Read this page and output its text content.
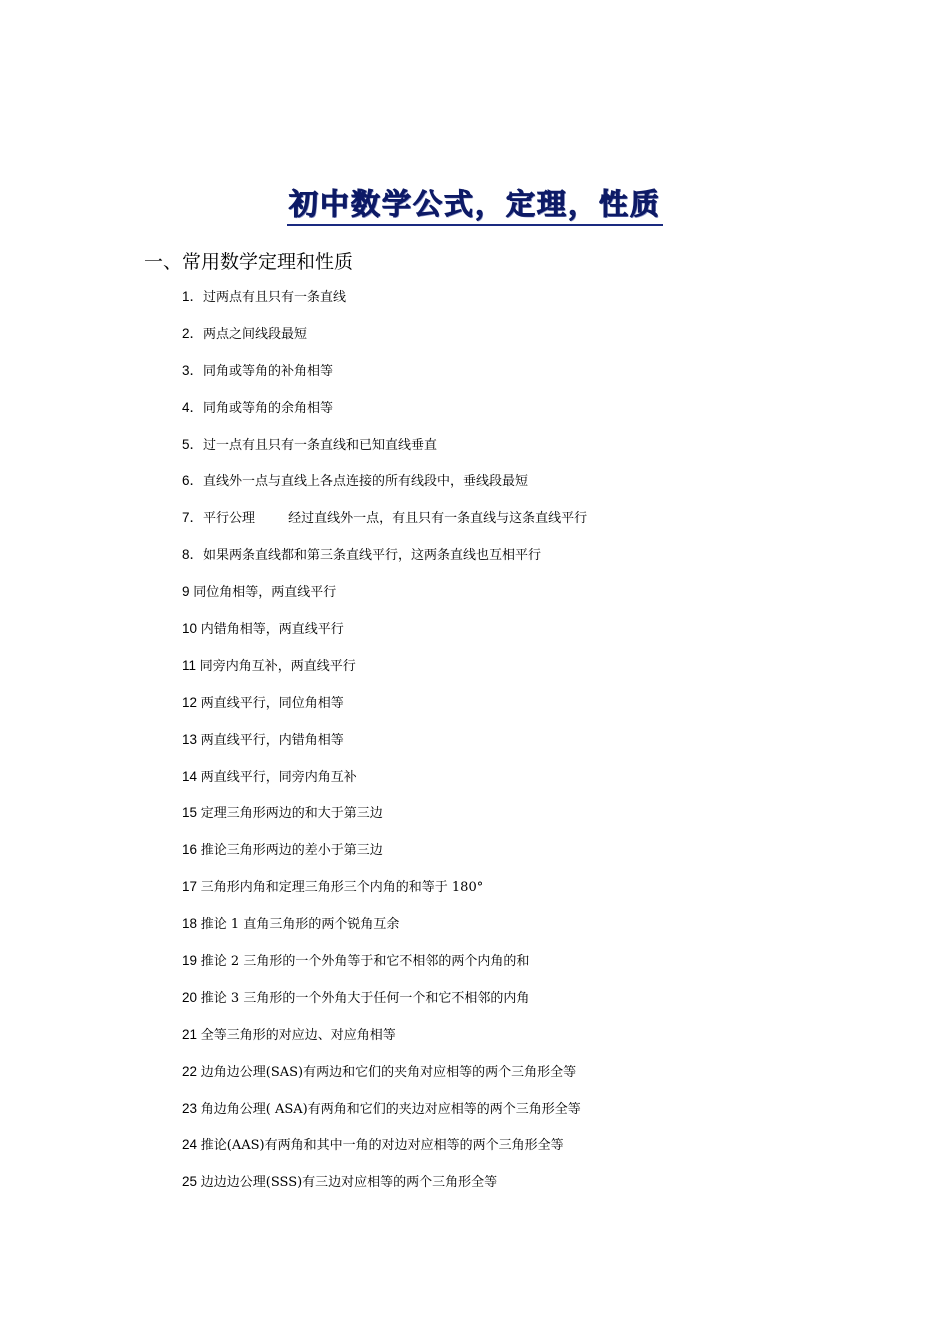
初中数学公式，定理，性质
一、常用数学定理和性质
1．过两点有且只有一条直线
2．两点之间线段最短
3．同角或等角的补角相等
4．同角或等角的余角相等
5．过一点有且只有一条直线和已知直线垂直
6．直线外一点与直线上各点连接的所有线段中，垂线段最短
7．平行公理        经过直线外一点，有且只有一条直线与这条直线平行
8．如果两条直线都和第三条直线平行，这两条直线也互相平行
9 同位角相等，两直线平行
10 内错角相等，两直线平行
11 同旁内角互补，两直线平行
12 两直线平行，同位角相等
13 两直线平行，内错角相等
14 两直线平行，同旁内角互补
15 定理三角形两边的和大于第三边
16 推论三角形两边的差小于第三边
17 三角形内角和定理三角形三个内角的和等于 180°
18 推论 1 直角三角形的两个锐角互余
19 推论 2 三角形的一个外角等于和它不相邻的两个内角的和
20 推论 3 三角形的一个外角大于任何一个和它不相邻的内角
21 全等三角形的对应边、对应角相等
22 边角边公理(SAS)有两边和它们的夹角对应相等的两个三角形全等
23 角边角公理( ASA)有两角和它们的夹边对应相等的两个三角形全等
24 推论(AAS)有两角和其中一角的对边对应相等的两个三角形全等
25 边边边公理(SSS)有三边对应相等的两个三角形全等
